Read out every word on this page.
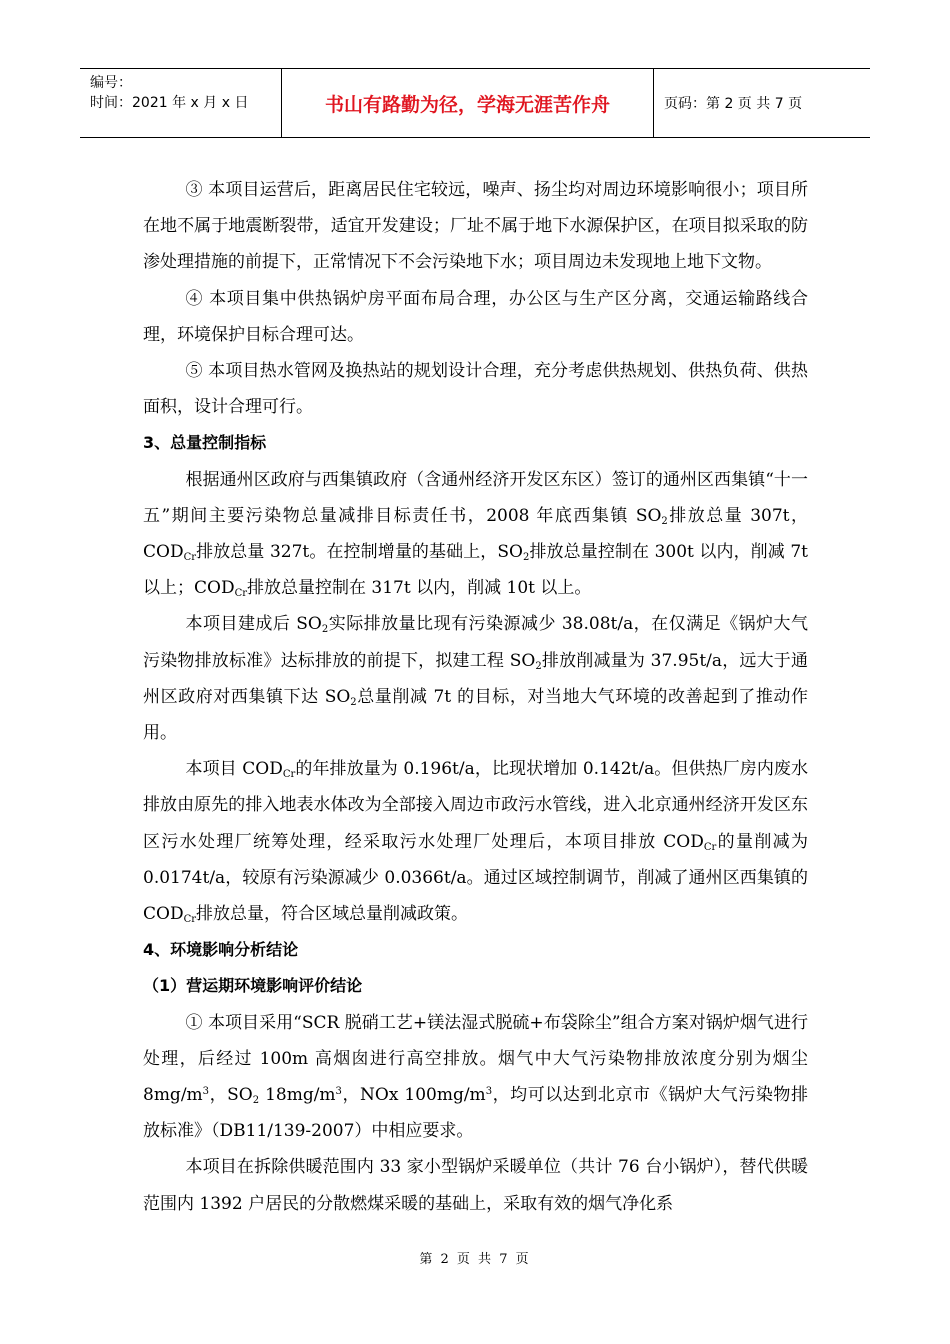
编号：
时间：2021 年 x 月 x 日	书山有路勤为径，学海无涯苦作舟	页码：第 2 页 共 7 页

③ 本项目运营后，距离居民住宅较远，噪声、扬尘均对周边环境影响很小；项目所在地不属于地震断裂带，适宜开发建设；厂址不属于地下水源保护区，在项目拟采取的防渗处理措施的前提下，正常情况下不会污染地下水；项目周边未发现地上地下文物。

④ 本项目集中供热锅炉房平面布局合理，办公区与生产区分离，交通运输路线合理，环境保护目标合理可达。

⑤ 本项目热水管网及换热站的规划设计合理，充分考虑供热规划、供热负荷、供热面积，设计合理可行。

3、总量控制指标

根据通州区政府与西集镇政府（含通州经济开发区东区）签订的通州区西集镇“十一五”期间主要污染物总量减排目标责任书，2008 年底西集镇 $SO_2$排放总量 307t，$COD_{Cr}$排放总量 327t。在控制增量的基础上，$SO_2$排放总量控制在 300t 以内，削减 7t 以上；$COD_{Cr}$排放总量控制在 317t 以内，削减 10t 以上。

本项目建成后 $SO_2$实际排放量比现有污染源减少 38.08t/a，在仅满足《锅炉大气污染物排放标准》达标排放的前提下，拟建工程 $SO_2$排放削减量为 37.95t/a，远大于通州区政府对西集镇下达 $SO_2$总量削减 7t 的目标，对当地大气环境的改善起到了推动作用。

本项目 $COD_{Cr}$的年排放量为 0.196t/a，比现状增加 0.142t/a。但供热厂房内废水排放由原先的排入地表水体改为全部接入周边市政污水管线，进入北京通州经济开发区东区污水处理厂统筹处理，经采取污水处理厂处理后，本项目排放 $COD_{Cr}$的量削减为 0.0174t/a，较原有污染源减少 0.0366t/a。通过区域控制调节，削减了通州区西集镇的 $COD_{Cr}$排放总量，符合区域总量削减政策。

4、环境影响分析结论

（1）营运期环境影响评价结论

① 本项目采用“SCR 脱硝工艺+镁法湿式脱硫+布袋除尘”组合方案对锅炉烟气进行处理，后经过 100m 高烟囱进行高空排放。烟气中大气污染物排放浓度分别为烟尘 $8mg/m^3$，$SO_2$ $18mg/m^3$，NOx $100mg/m^3$，均可以达到北京市《锅炉大气污染物排放标准》（DB11/139-2007）中相应要求。

本项目在拆除供暖范围内 33 家小型锅炉采暖单位（共计 76 台小锅炉），替代供暖范围内 1392 户居民的分散燃煤采暖的基础上，采取有效的烟气净化系

第 2 页 共 7 页
